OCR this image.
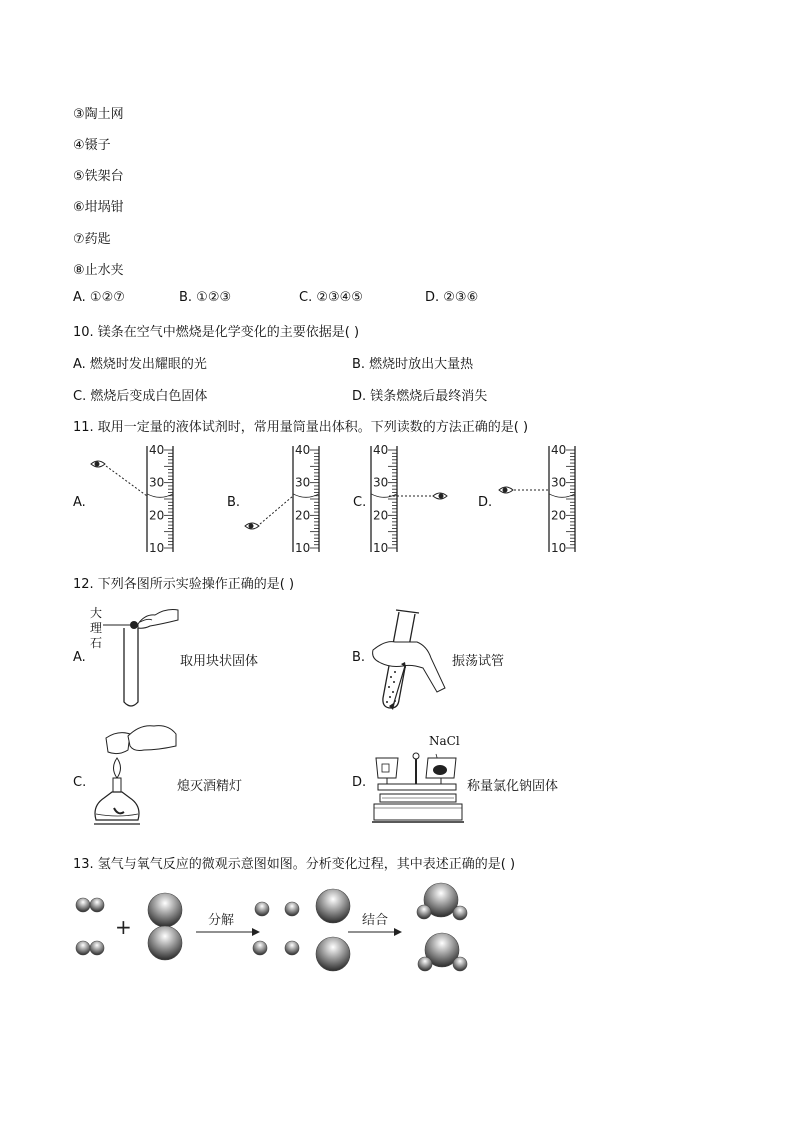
③陶土网
④镊子
⑤铁架台
⑥坩埚钳
⑦药匙
⑧止水夹
A. ①②⑦	B. ①②③	C. ②③④⑤	D. ②③⑥
10. 镁条在空气中燃烧是化学变化的主要依据是( )
A. 燃烧时发出耀眼的光	B. 燃烧时放出大量热
C. 燃烧后变成白色固体	D. 镁条燃烧后最终消失
11. 取用一定量的液体试剂时，常用量筒量出体积。下列读数的方法正确的是( )
A.	B.	C.	D.
40
30
20
10
40
30
20
10
40
30
20
10
40
30
20
10
12. 下列各图所示实验操作正确的是( )
A.	取用块状固体	B.	振荡试管
C.	熄灭酒精灯	D.	称量氯化钠固体
大
理
石
NaCl
13. 氢气与氧气反应的微观示意图如图。分析变化过程，其中表述正确的是( )
+	分解	结合
